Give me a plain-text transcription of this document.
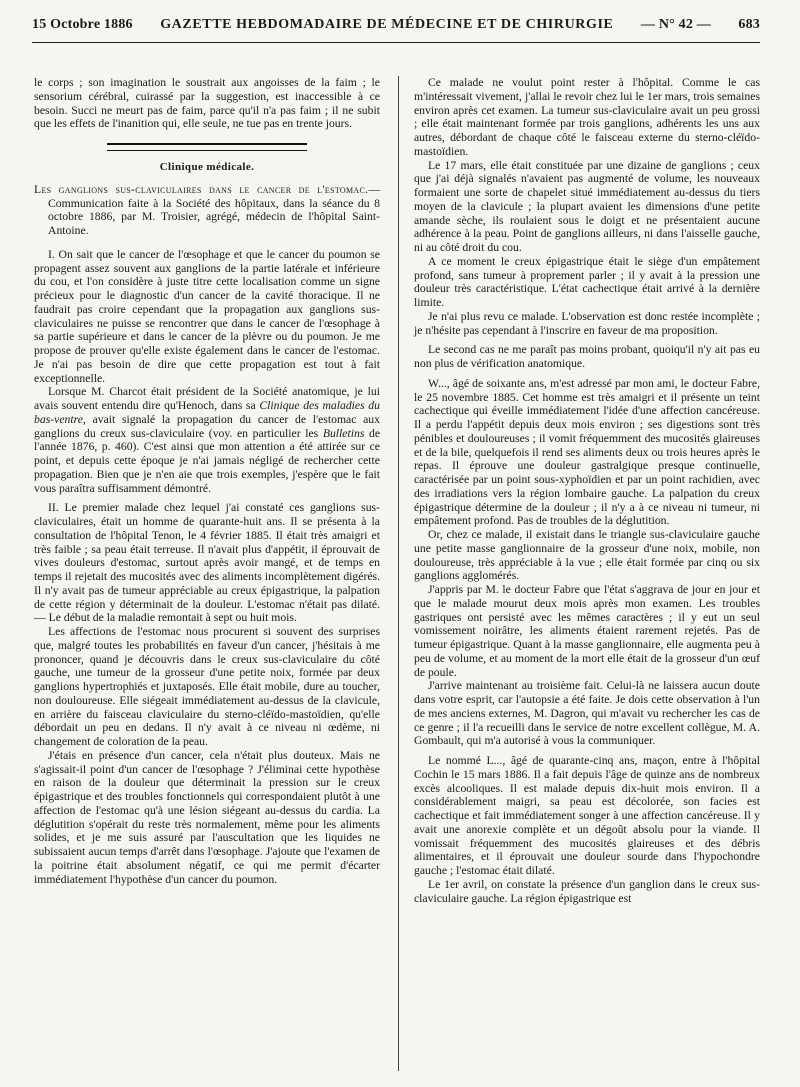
15 Octobre 1886 GAZETTE HEBDOMADAIRE DE MÉDECINE ET DE CHIRURGIE — N° 42 — 683

le corps ; son imagination le soustrait aux angoisses de la faim ; le sensorium cérébral, cuirassé par la suggestion, est inaccessible à ce besoin. Succi ne meurt pas de faim, parce qu'il n'a pas faim ; il ne subit que les effets de l'inanition qui, elle seule, ne tue pas en trente jours.

Clinique médicale.

Les ganglions sus-claviculaires dans le cancer de l'estomac.—Communication faite à la Société des hôpitaux, dans la séance du 8 octobre 1886, par M. Troisier, agrégé, médecin de l'hôpital Saint-Antoine.

I. On sait que le cancer de l'œsophage et que le cancer du poumon se propagent assez souvent aux ganglions de la partie latérale et inférieure du cou, et l'on considère à juste titre cette localisation comme un signe précieux pour le diagnostic d'un cancer de la cavité thoracique. Il ne faudrait pas croire cependant que la propagation aux ganglions sus-claviculaires ne puisse se rencontrer que dans le cancer de l'œsophage à sa partie supérieure et dans le cancer de la plèvre ou du poumon. Je me propose de prouver qu'elle existe également dans le cancer de l'estomac. Je n'ai pas besoin de dire que cette propagation est tout à fait exceptionnelle.

Lorsque M. Charcot était président de la Société anatomique, je lui avais souvent entendu dire qu'Henoch, dans sa Clinique des maladies du bas-ventre, avait signalé la propagation du cancer de l'estomac aux ganglions du creux sus-claviculaire (voy. en particulier les Bulletins de l'année 1876, p. 460). C'est ainsi que mon attention a été attirée sur ce point, et depuis cette époque je n'ai jamais négligé de rechercher cette propagation. Bien que je n'en aie que trois exemples, j'espère que le fait vous paraîtra suffisamment démontré.

II. Le premier malade chez lequel j'ai constaté ces ganglions sus-claviculaires, était un homme de quarante-huit ans. Il se présenta à la consultation de l'hôpital Tenon, le 4 février 1885. Il était très amaigri et très faible ; sa peau était terreuse. Il n'avait plus d'appétit, il éprouvait de vives douleurs d'estomac, surtout après avoir mangé, et de temps en temps il rejetait des mucosités avec des aliments incomplètement digérés. Il n'y avait pas de tumeur appréciable au creux épigastrique, la palpation de cette région y déterminait de la douleur. L'estomac n'était pas dilaté. — Le début de la maladie remontait à sept ou huit mois.

Les affections de l'estomac nous procurent si souvent des surprises que, malgré toutes les probabilités en faveur d'un cancer, j'hésitais à me prononcer, quand je découvris dans le creux sus-claviculaire du côté gauche, une tumeur de la grosseur d'une petite noix, formée par deux ganglions hypertrophiés et juxtaposés. Elle était mobile, dure au toucher, non douloureuse. Elle siégeait immédiatement au-dessus de la clavicule, en arrière du faisceau claviculaire du sterno-cléïdo-mastoïdien, qu'elle débordait un peu en dedans. Il n'y avait à ce niveau ni œdème, ni changement de coloration de la peau.

J'étais en présence d'un cancer, cela n'était plus douteux. Mais ne s'agissait-il point d'un cancer de l'œsophage ? J'éliminai cette hypothèse en raison de la douleur que déterminait la pression sur le creux épigastrique et des troubles fonctionnels qui correspondaient plutôt à une affection de l'estomac qu'à une lésion siégeant au-dessus du cardia. La déglutition s'opérait du reste très normalement, même pour les aliments solides, et je me suis assuré par l'auscultation que les liquides ne subissaient aucun temps d'arrêt dans l'œsophage. J'ajoute que l'examen de la poitrine était absolument négatif, ce qui me permit d'écarter immédiatement l'hypothèse d'un cancer du poumon.

Ce malade ne voulut point rester à l'hôpital. Comme le cas m'intéressait vivement, j'allai le revoir chez lui le 1er mars, trois semaines environ après cet examen. La tumeur sus-claviculaire avait un peu grossi ; elle était maintenant formée par trois ganglions, adhérents les uns aux autres, débordant de chaque côté le faisceau externe du sterno-cléïdo-mastoïdien.

Le 17 mars, elle était constituée par une dizaine de ganglions ; ceux que j'ai déjà signalés n'avaient pas augmenté de volume, les nouveaux formaient une sorte de chapelet situé immédiatement au-dessus du tiers moyen de la clavicule ; la plupart avaient les dimensions d'une petite amande sèche, ils roulaient sous le doigt et ne présentaient aucune adhérence à la peau. Point de ganglions ailleurs, ni dans l'aisselle gauche, ni au côté droit du cou.

A ce moment le creux épigastrique était le siège d'un empâtement profond, sans tumeur à proprement parler ; il y avait à la pression une douleur très caractéristique. L'état cachectique était arrivé à la dernière limite.

Je n'ai plus revu ce malade. L'observation est donc restée incomplète ; je n'hésite pas cependant à l'inscrire en faveur de ma proposition.

Le second cas ne me paraît pas moins probant, quoiqu'il n'y ait pas eu non plus de vérification anatomique.

W..., âgé de soixante ans, m'est adressé par mon ami, le docteur Fabre, le 25 novembre 1885. Cet homme est très amaigri et il présente un teint cachectique qui éveille immédiatement l'idée d'une affection cancéreuse. Il a perdu l'appétit depuis deux mois environ ; ses digestions sont très pénibles et douloureuses ; il vomit fréquemment des mucosités glaireuses et de la bile, quelquefois il rend ses aliments deux ou trois heures après le repas. Il éprouve une douleur gastralgique presque continuelle, caractérisée par un point sous-xyphoïdien et par un point rachidien, avec des irradiations vers la région lombaire gauche. La palpation du creux épigastrique détermine de la douleur ; il n'y a à ce niveau ni tumeur, ni empâtement profond. Pas de troubles de la déglutition.

Or, chez ce malade, il existait dans le triangle sus-claviculaire gauche une petite masse ganglionnaire de la grosseur d'une noix, mobile, non douloureuse, très appréciable à la vue ; elle était formée par cinq ou six ganglions agglomérés.

J'appris par M. le docteur Fabre que l'état s'aggrava de jour en jour et que le malade mourut deux mois après mon examen. Les troubles gastriques ont persisté avec les mêmes caractères ; il y eut un seul vomissement noirâtre, les aliments étaient rarement rejetés. Pas de tumeur épigastrique. Quant à la masse ganglionnaire, elle augmenta peu à peu de volume, et au moment de la mort elle était de la grosseur d'un œuf de poule.

J'arrive maintenant au troisième fait. Celui-là ne laissera aucun doute dans votre esprit, car l'autopsie a été faite. Je dois cette observation à l'un de mes anciens externes, M. Dagron, qui m'avait vu rechercher les cas de ce genre ; il l'a recueilli dans le service de notre excellent collègue, M. A. Gombault, qui m'a autorisé à vous la communiquer.

Le nommé L..., âgé de quarante-cinq ans, maçon, entre à l'hôpital Cochin le 15 mars 1886. Il a fait depuis l'âge de quinze ans de nombreux excès alcooliques. Il est malade depuis dix-huit mois environ. Il a considérablement maigri, sa peau est décolorée, son facies est cachectique et fait immédiatement songer à une affection cancéreuse. Il y avait une anorexie complète et un dégoût absolu pour la viande. Il vomissait fréquemment des mucosités glaireuses et des débris alimentaires, et il éprouvait une douleur sourde dans l'hypochondre gauche ; l'estomac était dilaté.

Le 1er avril, on constate la présence d'un ganglion dans le creux sus-claviculaire gauche. La région épigastrique est
